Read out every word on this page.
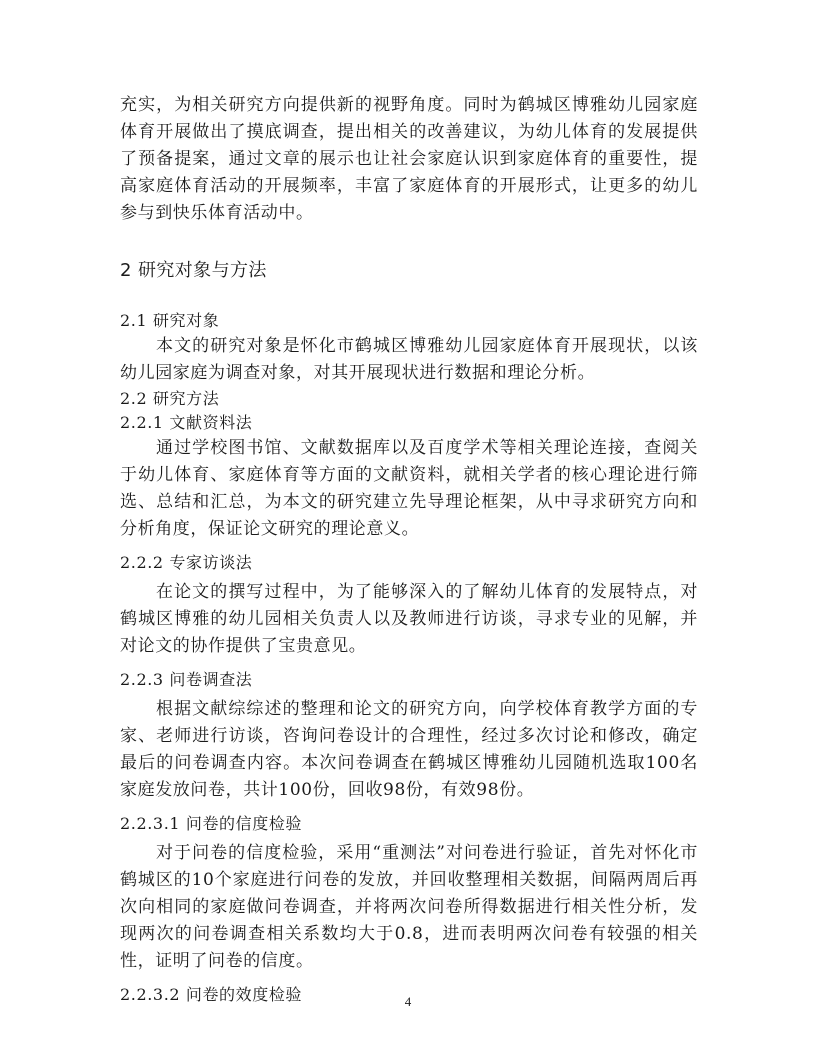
充实，为相关研究方向提供新的视野角度。同时为鹤城区博雅幼儿园家庭体育开展做出了摸底调查，提出相关的改善建议，为幼儿体育的发展提供了预备提案，通过文章的展示也让社会家庭认识到家庭体育的重要性，提高家庭体育活动的开展频率，丰富了家庭体育的开展形式，让更多的幼儿参与到快乐体育活动中。

2 研究对象与方法
2.1 研究对象

本文的研究对象是怀化市鹤城区博雅幼儿园家庭体育开展现状，以该幼儿园家庭为调查对象，对其开展现状进行数据和理论分析。

2.2 研究方法
2.2.1 文献资料法

通过学校图书馆、文献数据库以及百度学术等相关理论连接，查阅关于幼儿体育、家庭体育等方面的文献资料，就相关学者的核心理论进行筛选、总结和汇总，为本文的研究建立先导理论框架，从中寻求研究方向和分析角度，保证论文研究的理论意义。

2.2.2 专家访谈法

在论文的撰写过程中，为了能够深入的了解幼儿体育的发展特点，对鹤城区博雅的幼儿园相关负责人以及教师进行访谈，寻求专业的见解，并对论文的协作提供了宝贵意见。

2.2.3 问卷调查法

根据文献综综述的整理和论文的研究方向，向学校体育教学方面的专家、老师进行访谈，咨询问卷设计的合理性，经过多次讨论和修改，确定最后的问卷调查内容。本次问卷调查在鹤城区博雅幼儿园随机选取100名家庭发放问卷，共计100份，回收98份，有效98份。

2.2.3.1 问卷的信度检验

对于问卷的信度检验，采用“重测法”对问卷进行验证，首先对怀化市鹤城区的10个家庭进行问卷的发放，并回收整理相关数据，间隔两周后再次向相同的家庭做问卷调查，并将两次问卷所得数据进行相关性分析，发现两次的问卷调查相关系数均大于0.8，进而表明两次问卷有较强的相关性，证明了问卷的信度。

2.2.3.2 问卷的效度检验	4
